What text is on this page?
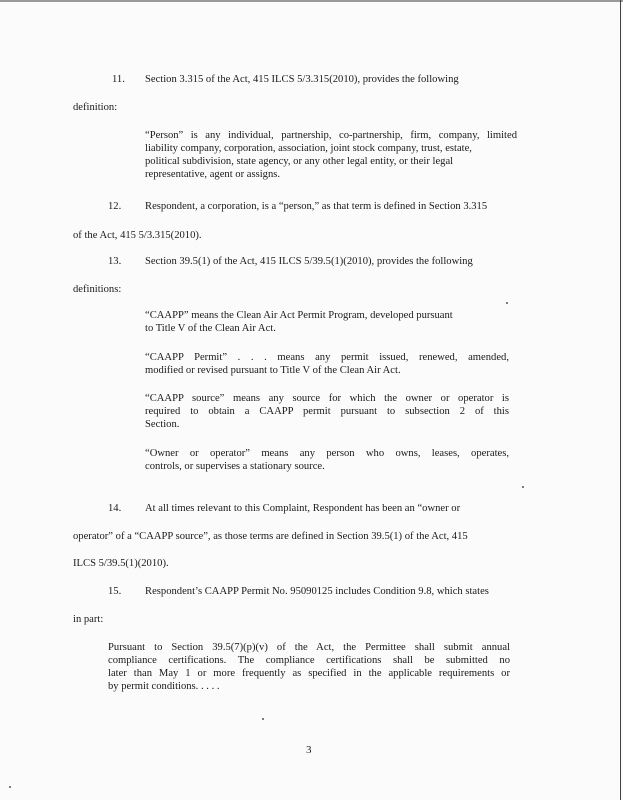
11. Section 3.315 of the Act, 415 ILCS 5/3.315(2010), provides the following
definition:
“Person” is any individual, partnership, co-partnership, firm, company, limited
liability company, corporation, association, joint stock company, trust, estate,
political subdivision, state agency, or any other legal entity, or their legal
representative, agent or assigns.
12. Respondent, a corporation, is a “person,” as that term is defined in Section 3.315
of the Act, 415 5/3.315(2010).
13. Section 39.5(1) of the Act, 415 ILCS 5/39.5(1)(2010), provides the following
definitions:
“CAAPP” means the Clean Air Act Permit Program, developed pursuant
to Title V of the Clean Air Act.
“CAAPP Permit” . . . means any permit issued, renewed, amended,
modified or revised pursuant to Title V of the Clean Air Act.
“CAAPP source” means any source for which the owner or operator is
required to obtain a CAAPP permit pursuant to subsection 2 of this
Section.
“Owner or operator” means any person who owns, leases, operates,
controls, or supervises a stationary source.
14. At all times relevant to this Complaint, Respondent has been an “owner or
operator” of a “CAAPP source”, as those terms are defined in Section 39.5(1) of the Act, 415
ILCS 5/39.5(1)(2010).
15. Respondent’s CAAPP Permit No. 95090125 includes Condition 9.8, which states
in part:
Pursuant to Section 39.5(7)(p)(v) of the Act, the Permittee shall submit annual
compliance certifications. The compliance certifications shall be submitted no
later than May 1 or more frequently as specified in the applicable requirements or
by permit conditions. . . . .
3
